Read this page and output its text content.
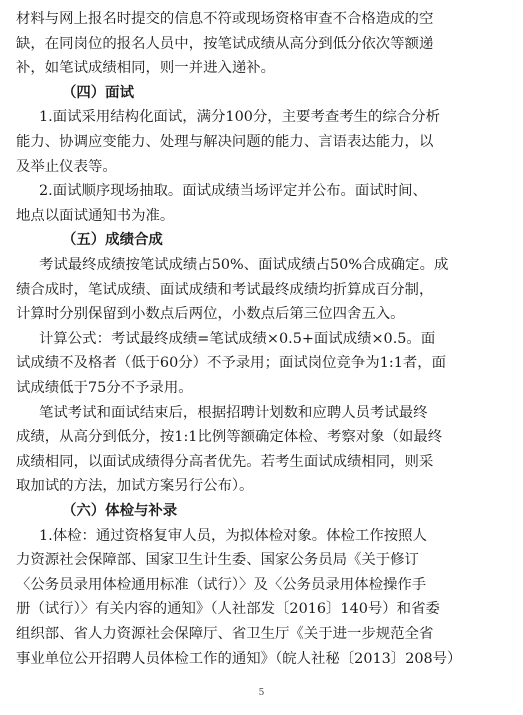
材料与网上报名时提交的信息不符或现场资格审查不合格造成的空
缺，在同岗位的报名人员中，按笔试成绩从高分到低分依次等额递
补，如笔试成绩相同，则一并进入递补。
（四）面试
1.面试采用结构化面试，满分100分，主要考查考生的综合分析
能力、协调应变能力、处理与解决问题的能力、言语表达能力，以
及举止仪表等。
2.面试顺序现场抽取。面试成绩当场评定并公布。面试时间、
地点以面试通知书为准。
（五）成绩合成
考试最终成绩按笔试成绩占50%、面试成绩占50%合成确定。成
绩合成时，笔试成绩、面试成绩和考试最终成绩均折算成百分制，
计算时分别保留到小数点后两位，小数点后第三位四舍五入。
计算公式：考试最终成绩=笔试成绩×0.5+面试成绩×0.5。面
试成绩不及格者（低于60分）不予录用；面试岗位竞争为1:1者，面
试成绩低于75分不予录用。
笔试考试和面试结束后，根据招聘计划数和应聘人员考试最终
成绩，从高分到低分，按1:1比例等额确定体检、考察对象（如最终
成绩相同，以面试成绩得分高者优先。若考生面试成绩相同，则采
取加试的方法，加试方案另行公布）。
（六）体检与补录
1.体检：通过资格复审人员，为拟体检对象。体检工作按照人
力资源社会保障部、国家卫生计生委、国家公务员局《关于修订
〈公务员录用体检通用标准（试行）〉及〈公务员录用体检操作手
册（试行）〉有关内容的通知》（人社部发〔2016〕140号）和省委
组织部、省人力资源社会保障厅、省卫生厅《关于进一步规范全省
事业单位公开招聘人员体检工作的通知》（皖人社秘〔2013〕208号）
5
